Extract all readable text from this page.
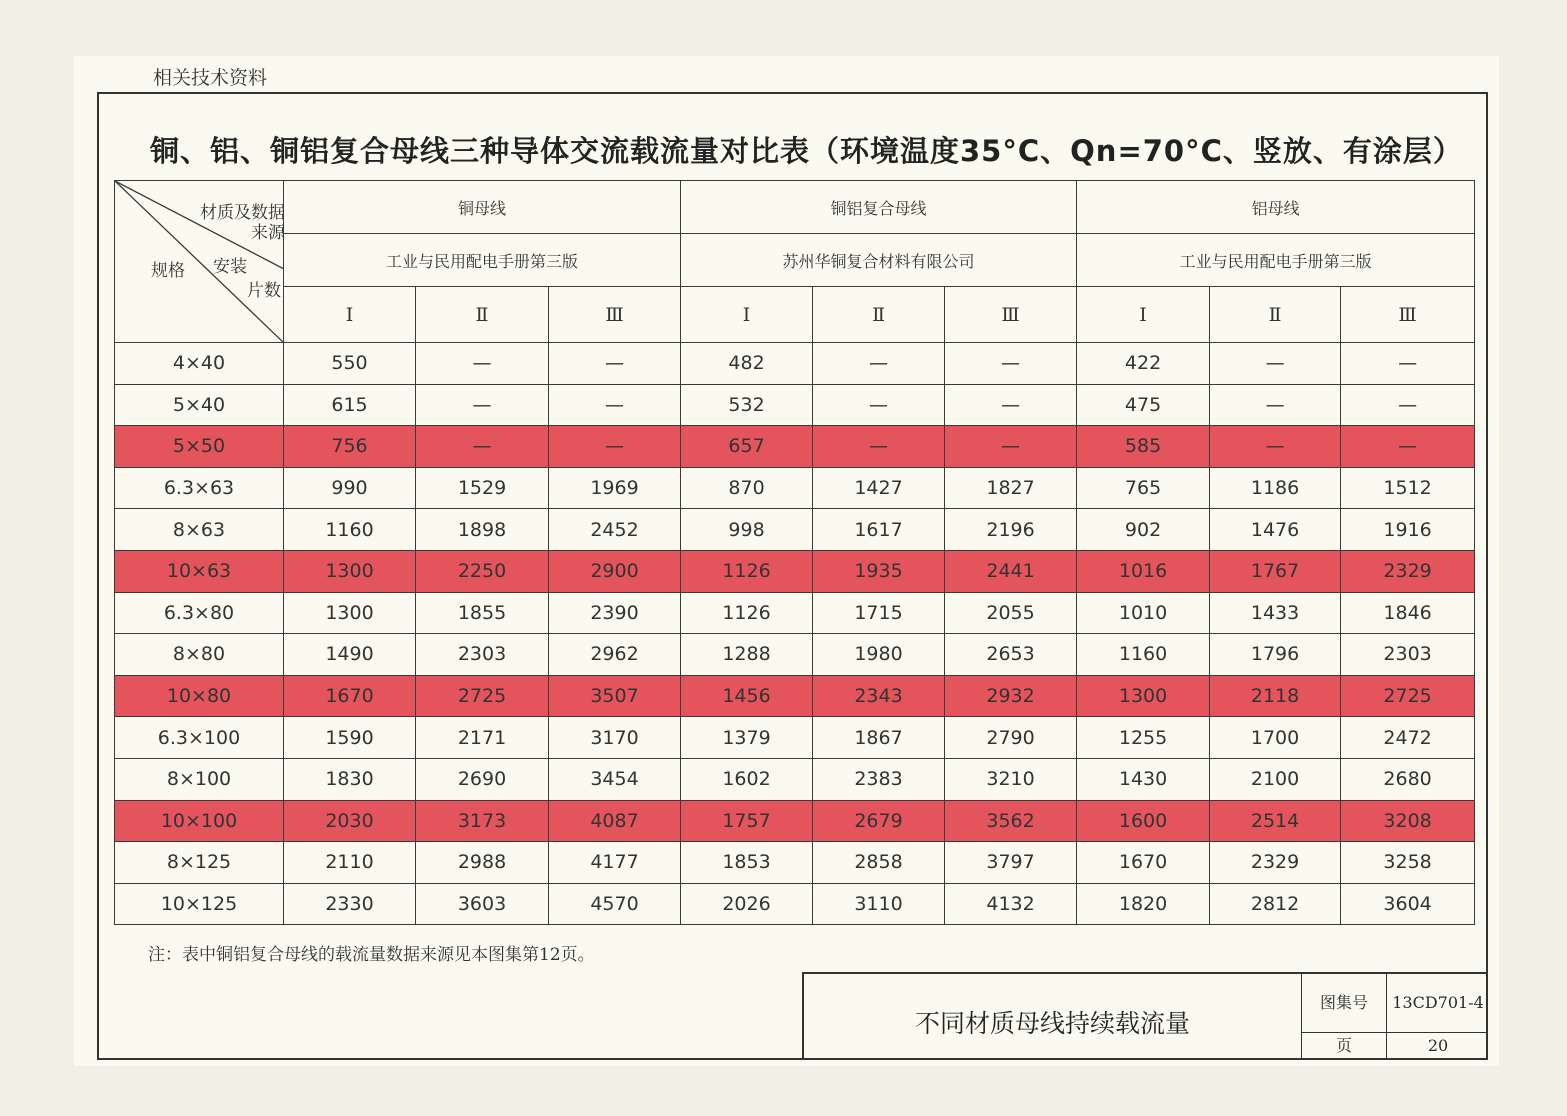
相关技术资料
铜、铝、铜铝复合母线三种导体交流载流量对比表（环境温度35°C、Qn=70°C、竖放、有涂层）
材质及数据
来源
安装
片数
规格	铜母线			铜铝复合母线			铝母线		
	工业与民用配电手册第三版			苏州华铜复合材料有限公司			工业与民用配电手册第三版		
	I	Ⅱ	Ⅲ	I	Ⅱ	Ⅲ	I	Ⅱ	Ⅲ
4×40	550	—	—	482	—	—	422	—	—
5×40	615	—	—	532	—	—	475	—	—
5×50	756	—	—	657	—	—	585	—	—
6.3×63	990	1529	1969	870	1427	1827	765	1186	1512
8×63	1160	1898	2452	998	1617	2196	902	1476	1916
10×63	1300	2250	2900	1126	1935	2441	1016	1767	2329
6.3×80	1300	1855	2390	1126	1715	2055	1010	1433	1846
8×80	1490	2303	2962	1288	1980	2653	1160	1796	2303
10×80	1670	2725	3507	1456	2343	2932	1300	2118	2725
6.3×100	1590	2171	3170	1379	1867	2790	1255	1700	2472
8×100	1830	2690	3454	1602	2383	3210	1430	2100	2680
10×100	2030	3173	4087	1757	2679	3562	1600	2514	3208
8×125	2110	2988	4177	1853	2858	3797	1670	2329	3258
10×125	2330	3603	4570	2026	3110	4132	1820	2812	3604
注：表中铜铝复合母线的载流量数据来源见本图集第12页。
不同材质母线持续载流量
图集号	13CD701-4
页	20
